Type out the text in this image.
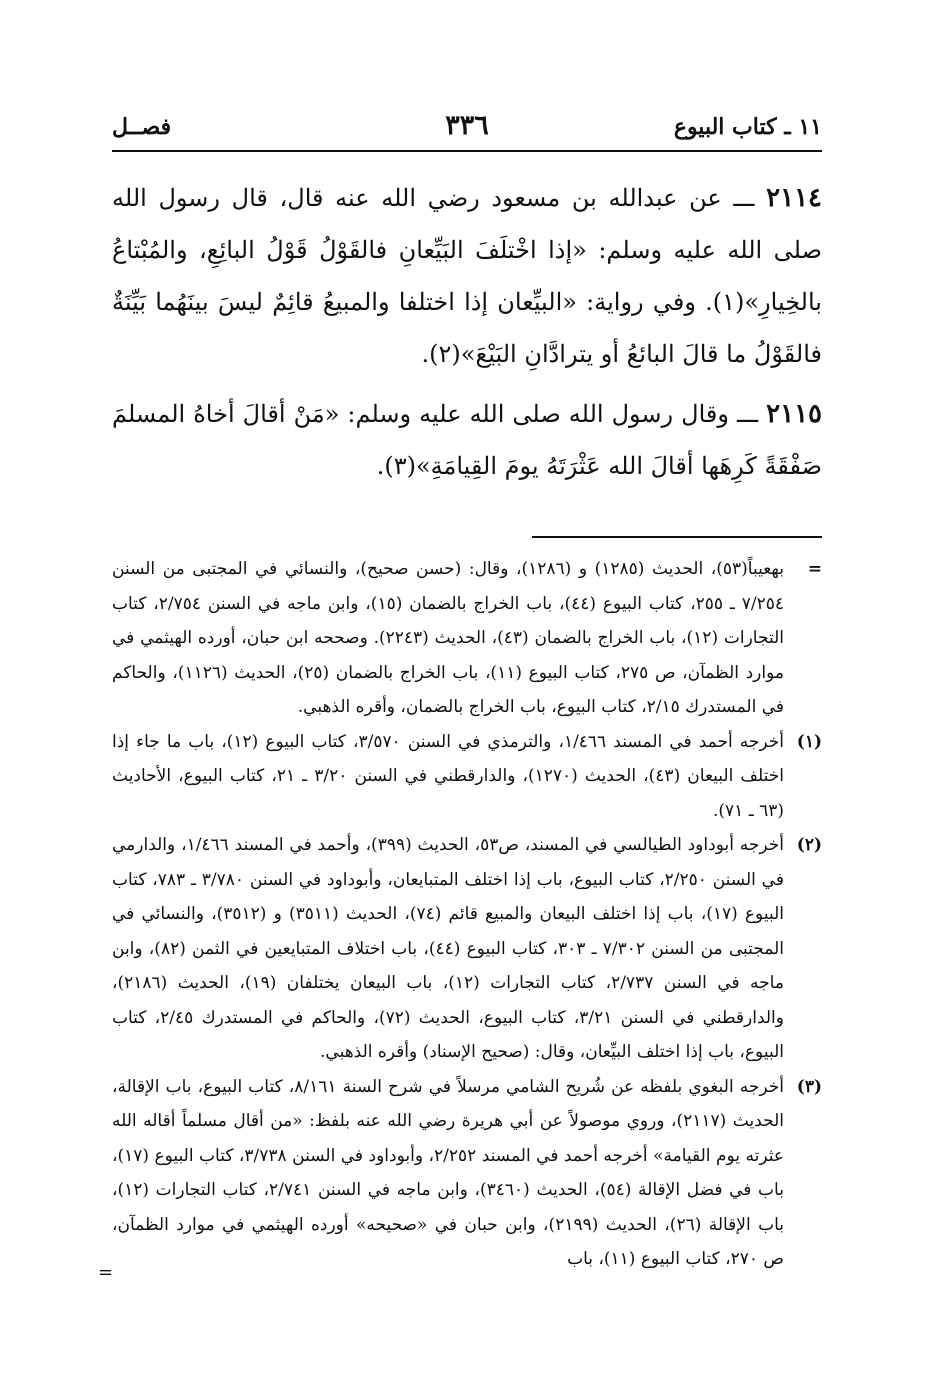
١١ ـ كتاب البيوع
٣٣٦
فصــل

٢١١٤ ـــ عن عبدالله بن مسعود رضي الله عنه قال، قال رسول الله صلى الله عليه وسلم: «إذا اخْتلَفَ البَيِّعانِ فالقَوْلُ قَوْلُ البائِعِ، والمُبْتاعُ بالخِيارِ»(١). وفي رواية: «البيِّعان إذا اختلفا والمبيعُ قائِمٌ ليسَ بينَهُما بَيِّنَةٌ فالقَوْلُ ما قالَ البائعُ أو يترادَّانِ البَيْعَ»(٢).

٢١١٥ ـــ وقال رسول الله صلى الله عليه وسلم: «مَنْ أقالَ أخاهُ المسلمَ صَفْقَةً كَرِهَها أقالَ الله عَثْرَتَهُ يومَ القِيامَةِ»(٣).

=
بهعيباً(٥٣)، الحديث (١٢٨٥) و (١٢٨٦)، وقال: (حسن صحيح)، والنسائي في المجتبى من السنن ٧/٢٥٤ ـ ٢٥٥، كتاب البيوع (٤٤)، باب الخراج بالضمان (١٥)، وابن ماجه في السنن ٢/٧٥٤، كتاب التجارات (١٢)، باب الخراج بالضمان (٤٣)، الحديث (٢٢٤٣). وصححه ابن حبان، أورده الهيثمي في موارد الظمآن، ص ٢٧٥، كتاب البيوع (١١)، باب الخراج بالضمان (٢٥)، الحديث (١١٢٦)، والحاكم في المستدرك ٢/١٥، كتاب البيوع، باب الخراج بالضمان، وأقره الذهبي.

(١)
أخرجه أحمد في المسند ١/٤٦٦، والترمذي في السنن ٣/٥٧٠، كتاب البيوع (١٢)، باب ما جاء إذا اختلف البيعان (٤٣)، الحديث (١٢٧٠)، والدارقطني في السنن ٣/٢٠ ـ ٢١، كتاب البيوع، الأحاديث (٦٣ ـ ٧١).

(٢)
أخرجه أبوداود الطيالسي في المسند، ص٥٣، الحديث (٣٩٩)، وأحمد في المسند ١/٤٦٦، والدارمي في السنن ٢/٢٥٠، كتاب البيوع، باب إذا اختلف المتبايعان، وأبوداود في السنن ٣/٧٨٠ ـ ٧٨٣، كتاب البيوع (١٧)، باب إذا اختلف البيعان والمبيع قائم (٧٤)، الحديث (٣٥١١) و (٣٥١٢)، والنسائي في المجتبى من السنن ٧/٣٠٢ ـ ٣٠٣، كتاب البيوع (٤٤)، باب اختلاف المتبايعين في الثمن (٨٢)، وابن ماجه في السنن ٢/٧٣٧، كتاب التجارات (١٢)، باب البيعان يختلفان (١٩)، الحديث (٢١٨٦)، والدارقطني في السنن ٣/٢١، كتاب البيوع، الحديث (٧٢)، والحاكم في المستدرك ٢/٤٥، كتاب البيوع، باب إذا اختلف البيِّعان، وقال: (صحيح الإسناد) وأقره الذهبي.

(٣)
أخرجه البغوي بلفظه عن شُريح الشامي مرسلاً في شرح السنة ٨/١٦١، كتاب البيوع، باب الإقالة، الحديث (٢١١٧)، وروي موصولاً عن أبي هريرة رضي الله عنه بلفظ: «من أقال مسلماً أقاله الله عثرته يوم القيامة» أخرجه أحمد في المسند ٢/٢٥٢، وأبوداود في السنن ٣/٧٣٨، كتاب البيوع (١٧)، باب في فضل الإقالة (٥٤)، الحديث (٣٤٦٠)، وابن ماجه في السنن ٢/٧٤١، كتاب التجارات (١٢)، باب الإقالة (٢٦)، الحديث (٢١٩٩)، وابن حبان في «صحيحه» أورده الهيثمي في موارد الظمآن، ص ٢٧٠، كتاب البيوع (١١)، باب

=
